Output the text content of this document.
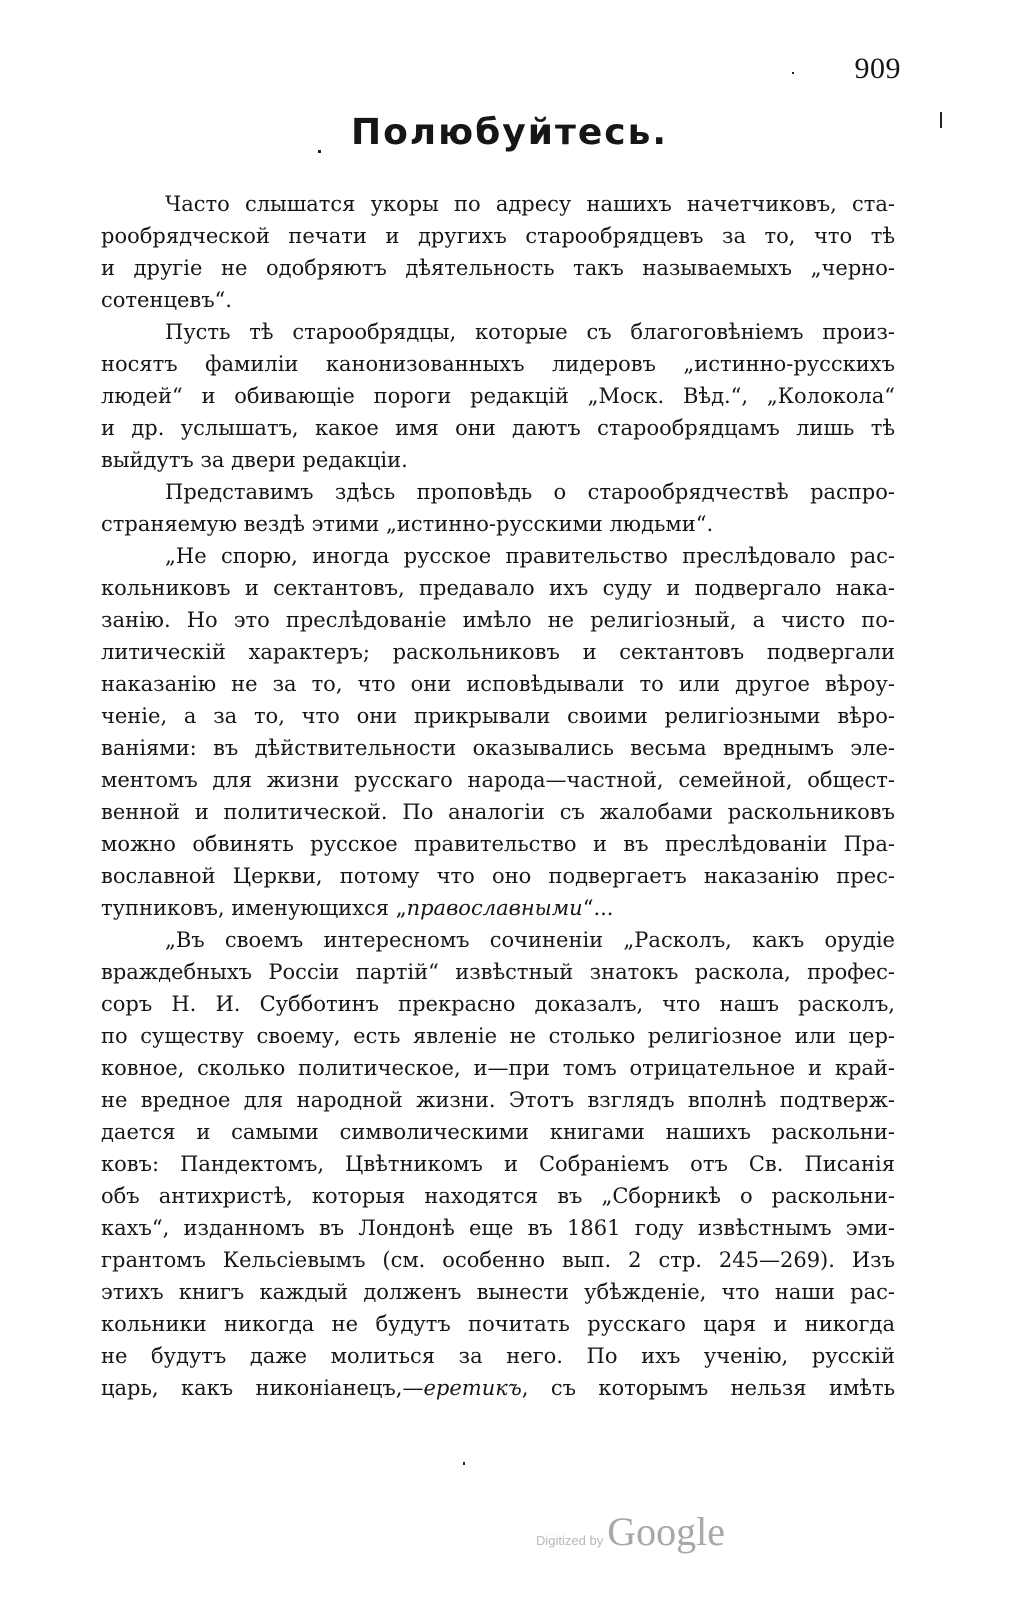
909
Полюбуйтесь.
Часто слышатся укоры по адресу нашихъ начетчиковъ, ста-
рообрядческой печати и другихъ старообрядцевъ за то, что тѣ
и другіе не одобряютъ дѣятельность такъ называемыхъ „черно-
сотенцевъ“.
Пусть тѣ старообрядцы, которые съ благоговѣніемъ произ-
носятъ фамиліи канонизованныхъ лидеровъ „истинно-русскихъ
людей“ и обивающіе пороги редакцій „Моск. Вѣд.“, „Колокола“
и др. услышатъ, какое имя они даютъ старообрядцамъ лишь тѣ
выйдутъ за двери редакціи.
Представимъ здѣсь проповѣдь о старообрядчествѣ распро-
страняемую вездѣ этими „истинно-русскими людьми“.
„Не спорю, иногда русское правительство преслѣдовало рас-
кольниковъ и сектантовъ, предавало ихъ суду и подвергало нака-
занію. Но это преслѣдованіе имѣло не религіозный, а чисто по-
литическій характеръ; раскольниковъ и сектантовъ подвергали
наказанію не за то, что они исповѣдывали то или другое вѣроу-
ченіе, а за то, что они прикрывали своими религіозными вѣро-
ваніями: въ дѣйствительности оказывались весьма вреднымъ эле-
ментомъ для жизни русскаго народа—частной, семейной, общест-
венной и политической. По аналогіи съ жалобами раскольниковъ
можно обвинять русское правительство и въ преслѣдованіи Пра-
вославной Церкви, потому что оно подвергаетъ наказанію прес-
тупниковъ, именующихся „православными“...
„Въ своемъ интересномъ сочиненіи „Расколъ, какъ орудіе
враждебныхъ Россіи партій“ извѣстный знатокъ раскола, профес-
соръ Н. И. Субботинъ прекрасно доказалъ, что нашъ расколъ,
по существу своему, есть явленіе не столько религіозное или цер-
ковное, сколько политическое, и—при томъ отрицательное и край-
не вредное для народной жизни. Этотъ взглядъ вполнѣ подтверж-
дается и самыми символическими книгами нашихъ раскольни-
ковъ: Пандектомъ, Цвѣтникомъ и Собраніемъ отъ Св. Писанія
объ антихристѣ, которыя находятся въ „Сборникѣ о раскольни-
кахъ“, изданномъ въ Лондонѣ еще въ 1861 году извѣстнымъ эми-
грантомъ Кельсіевымъ (см. особенно вып. 2 стр. 245—269). Изъ
этихъ книгъ каждый долженъ вынести убѣжденіе, что наши рас-
кольники никогда не будутъ почитать русскаго царя и никогда
не будутъ даже молиться за него. По ихъ ученію, русскій
царь, какъ никоніанецъ,—еретикъ, съ которымъ нельзя имѣть
Digitized by Google
